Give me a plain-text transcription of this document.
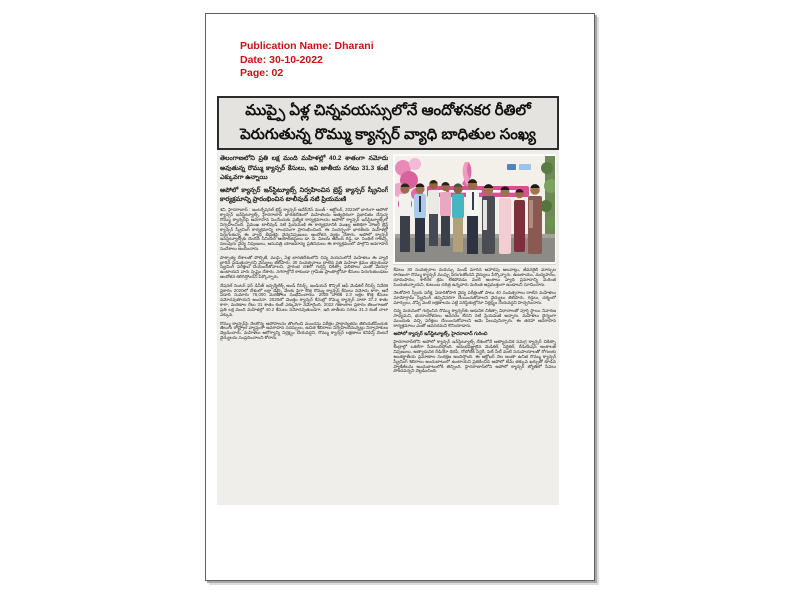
Publication Name: Dharani
Date: 30-10-2022
Page: 02
ముప్పై ఏళ్ల చిన్నవయస్సులోనే ఆందోళనకర రీతిలో
పెరుగుతున్న రొమ్ము క్యాన్సర్ వ్యాధి బాధితుల సంఖ్య
తెలంగాణలోని ప్రతి లక్ష మంది మహిళల్లో 40.2 శాతంగా నమోదు అవుతున్న రొమ్ము క్యాన్సర్ కేసులు, ఇవి జాతీయ సగటు 31.3 కంటే ఎక్కువగా ఉన్నాయి
అపోలో క్యాన్సర్ ఇన్‌స్టిట్యూట్స్ నిర్వహించిన బ్రెస్ట్ క్యాన్సర్ స్క్రీనింగ్ కార్యక్రమాన్ని ప్రారంభించిన టాలీవుడ్ నటి ప్రియమణి

శని, హైదరాబాద్ : ఇంటర్నేషనల్ బ్రెస్ట్ క్యాన్సర్ అవేర్‌నెస్ మంత్ - అక్టోబర్, 2022లో భాగంగా అపోలో క్యాన్సర్ ఇన్‌స్టిట్యూట్స్, హైదరాబాద్ భారతదేశంలో మహిళలను అత్యధికంగా ప్రభావితం చేస్తున్న రొమ్ము క్యాన్సర్‌పై అవగాహన పెంచేందుకు ప్రత్యేక కార్యక్రమాలను అపోలో క్యాన్సర్ ఇన్‌స్టిట్యూట్స్‌లో నిర్వహించింది. ప్రముఖ టాలీవుడ్ నటి ప్రియమణి ఈ కార్యక్రమానికి ముఖ్య అతిథిగా హాజరై బ్రెస్ట్ క్యాన్సర్ స్క్రీనింగ్ కార్యక్రమాన్ని లాంఛనంగా ప్రారంభించింది. ఈ సందర్భంగా భారతీయ మహిళల్లో పెరుగుతున్న ఈ వ్యాధి తీవ్రతపై వైద్యనిపుణులు ఆందోళన వ్యక్తం చేశారు. అపోలో క్యాన్సర్ ఇన్‌స్టిట్యూట్స్‌కు చెందిన సీనియర్ ఆంకాలజిస్టులు డా. పి. విజయ్ ఆనంద్ రెడ్డి, డా. సెంథిల్ రాజప్ప, పలువురు వైద్య నిపుణులు, ఆసుపత్రి యాజమాన్య ప్రతినిధులు ఈ కార్యక్రమంలో పాల్గొని అవగాహన సందేశాలు అందించారు.

పాశ్చాత్య దేశాలతో పోల్చితే, ముప్పై ఏళ్ల భారతదేశంలోని చిన్న వయసులోనే మహిళలు ఈ వ్యాధి బారిన పడుతున్నారని వైద్యులు తెలిపారు. 30 సంవత్సరాలు దాటిన ప్రతి మహిళా క్రమం తప్పకుండా స్క్రీనింగ్ పరీక్షలు చేయించుకోవాలని, ప్రారంభ దశలో గుర్తిస్తే చికిత్సా ఫలితాలు ఎంతో మెరుగ్గా ఉంటాయని వారు స్పష్టం చేశారు. నగరాల్లోనే కాకుండా గ్రామీణ ప్రాంతాల్లోనూ కేసులు పెరుగుతుండటం ఆందోళన కలిగిస్తోందని పేర్కొన్నారు.

నేషనల్ సెంటర్ ఫర్ డిసీజ్ ఇన్ఫర్మేటిక్స్ అండ్ రీసెర్చ్, ఇండియన్ కౌన్సిల్ ఆఫ్ మెడికల్ రీసెర్చ్ నివేదిక ప్రకారం 2020లో దేశంలో లక్షా డెబ్బై వేలకు పైగా కొత్త రొమ్ము క్యాన్సర్ కేసులు నమోదు కాగా, అదే ఏడాది సుమారు 76,000 మరణాలు సంభవించాయి. 2025 నాటికి 2.3 లక్షల కొత్త కేసులు నమోదవుతాయని అంచనా. 2020లో మొత్తం క్యాన్సర్ కేసుల్లో రొమ్ము క్యాన్సర్ వాటా 37.2 శాతం కాగా, మరణాల రేటు 31 శాతం కంటే ఎక్కువగా నమోదైంది. 2022 గణాంకాల ప్రకారం తెలంగాణలో ప్రతి లక్ష మంది మహిళల్లో 40.2 కేసులు నమోదవుతుండగా, ఇది జాతీయ సగటు 31.3 కంటే చాలా ఎక్కువ.

రొమ్ము క్యాన్సర్‌పై నెలకొన్న అపోహలను తొలగించి ముందస్తు పరీక్షల ప్రాధాన్యతను తెలియజేసేందుకు తెలుగు రాష్ట్రాల వ్యాప్తంగా అవగాహన సదస్సులు, ఉచిత శిబిరాలు నిర్వహించనున్నట్లు నిర్వాహకులు వెల్లడించారు. మహిళలు ఆరోగ్యాన్ని నిర్లక్ష్యం చేయవద్దని, రొమ్ము క్యాన్సర్ లక్షణాలు కనిపిస్తే వెంటనే వైద్యులను సంప్రదించాలని కోరారు.

కేవలం 30 సంవత్సరాల వయస్సు నుండే మారిన ఆహారపు అలవాట్లు, జీవనశైలి మార్పుల కారణంగా రొమ్ము క్యాన్సర్ ముప్పు పెరుగుతోందని వైద్యులు పేర్కొన్నారు. ఊబకాయం, మద్యపానం, ధూమపానం, శారీరక శ్రమ లేకపోవడం వంటి అంశాలు వ్యాధి ప్రమాదాన్ని మరింత పెంచుతున్నాయని, కుటుంబ చరిత్ర ఉన్నవారు మరింత అప్రమత్తంగా ఉండాలని సూచించారు.

నెలకోసారి స్వీయ పరీక్ష, ఏడాదికోసారి వైద్య పరీక్షలతో పాటు 40 సంవత్సరాలు దాటిన మహిళలు మామోగ్రామ్ స్క్రీనింగ్ తప్పనిసరిగా చేయించుకోవాలని వైద్యులు తెలిపారు. గడ్డలు, చర్మంలో మార్పులు, నొప్పి వంటి లక్షణాలను ఎట్టి పరిస్థితుల్లోనూ నిర్లక్ష్యం చేయవద్దని హెచ్చరించారు.

చిన్న వయసులో గుర్తించిన రొమ్ము క్యాన్సర్‌కు ఆధునిక చికిత్సా విధానాలతో పూర్తి స్థాయి నివారణ సాధ్యమని, భయాందోళనలు అవసరం లేదని నటి ప్రియమణి అన్నారు. మహిళలు ధైర్యంగా ముందుకు వచ్చి పరీక్షలు చేయించుకోవాలని ఆమె పిలుపునిచ్చారు. ఈ తరహా అవగాహన కార్యక్రమాలు ఎంతో అవసరమని కొనియాడారు.

అపోలో క్యాన్సర్ ఇన్‌స్టిట్యూట్స్, హైదరాబాద్ గురించి

హైదరాబాద్‌లోని అపోలో క్యాన్సర్ ఇన్‌స్టిట్యూట్స్ దేశంలోనే అత్యాధునిక సమగ్ర క్యాన్సర్ చికిత్సా కేంద్రాల్లో ఒకటిగా సేవలందిస్తోంది. అనుభవజ్ఞులైన మెడికల్, సర్జికల్, రేడియేషన్ ఆంకాలజీ నిపుణులు, అత్యాధునిక రేడియో థెరపీ, రోబోటిక్ సర్జరీ, పెట్ సీటీ వంటి సదుపాయాలతో రోగులకు అంతర్జాతీయ ప్రమాణాల సంరక్షణ అందిస్తోంది. ఈ అక్టోబర్ నెల అంతా ఉచిత రొమ్ము క్యాన్సర్ స్క్రీనింగ్ శిబిరాలు అందుబాటులో ఉంటాయని ప్రకటించిన అపోలో టీమ్ తక్కువ ఖర్చుతో కూడిన ప్యాకేజీలను అందుబాటులోకి తెచ్చింది. హైదరాబాద్‌లోని అపోలో క్యాన్సర్ జ్యోతిలో సేవలు పొందవచ్చని వెల్లడించింది.
